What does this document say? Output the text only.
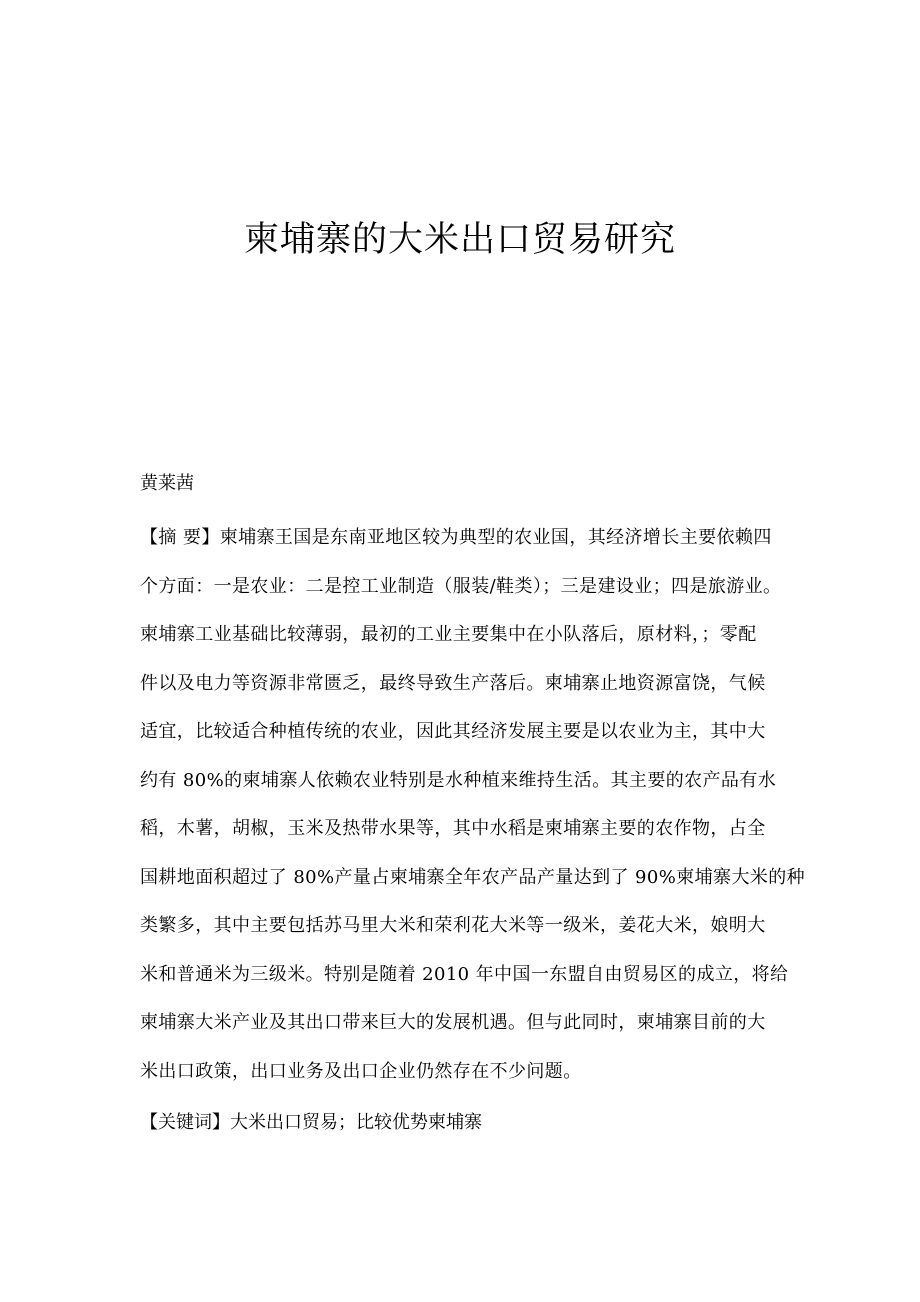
柬埔寨的大米出口贸易研究

黄莱茜

【摘 要】柬埔寨王国是东南亚地区较为典型的农业国，其经济增长主要依赖四
个方面：一是农业：二是控工业制造（服装/鞋类）；三是建设业；四是旅游业。
柬埔寨工业基础比较薄弱，最初的工业主要集中在小队落后，原材料，；零配
件以及电力等资源非常匮乏，最终导致生产落后。柬埔寨止地资源富饶，气候
适宜，比较适合种植传统的农业，因此其经济发展主要是以农业为主，其中大
约有 80%的柬埔寨人依赖农业特别是水种植来维持生活。其主要的农产品有水
稻，木薯，胡椒，玉米及热带水果等，其中水稻是柬埔寨主要的农作物，占全
国耕地面积超过了 80%产量占柬埔寨全年农产品产量达到了 90%柬埔寨大米的种
类繁多，其中主要包括苏马里大米和荣利花大米等一级米，姜花大米，娘明大
米和普通米为三级米。特别是随着 2010 年中国一东盟自由贸易区的成立，将给
柬埔寨大米产业及其出口带来巨大的发展机遇。但与此同时，柬埔寨目前的大
米出口政策，出口业务及出口企业仍然存在不少问题。

【关键词】大米出口贸易；比较优势柬埔寨
